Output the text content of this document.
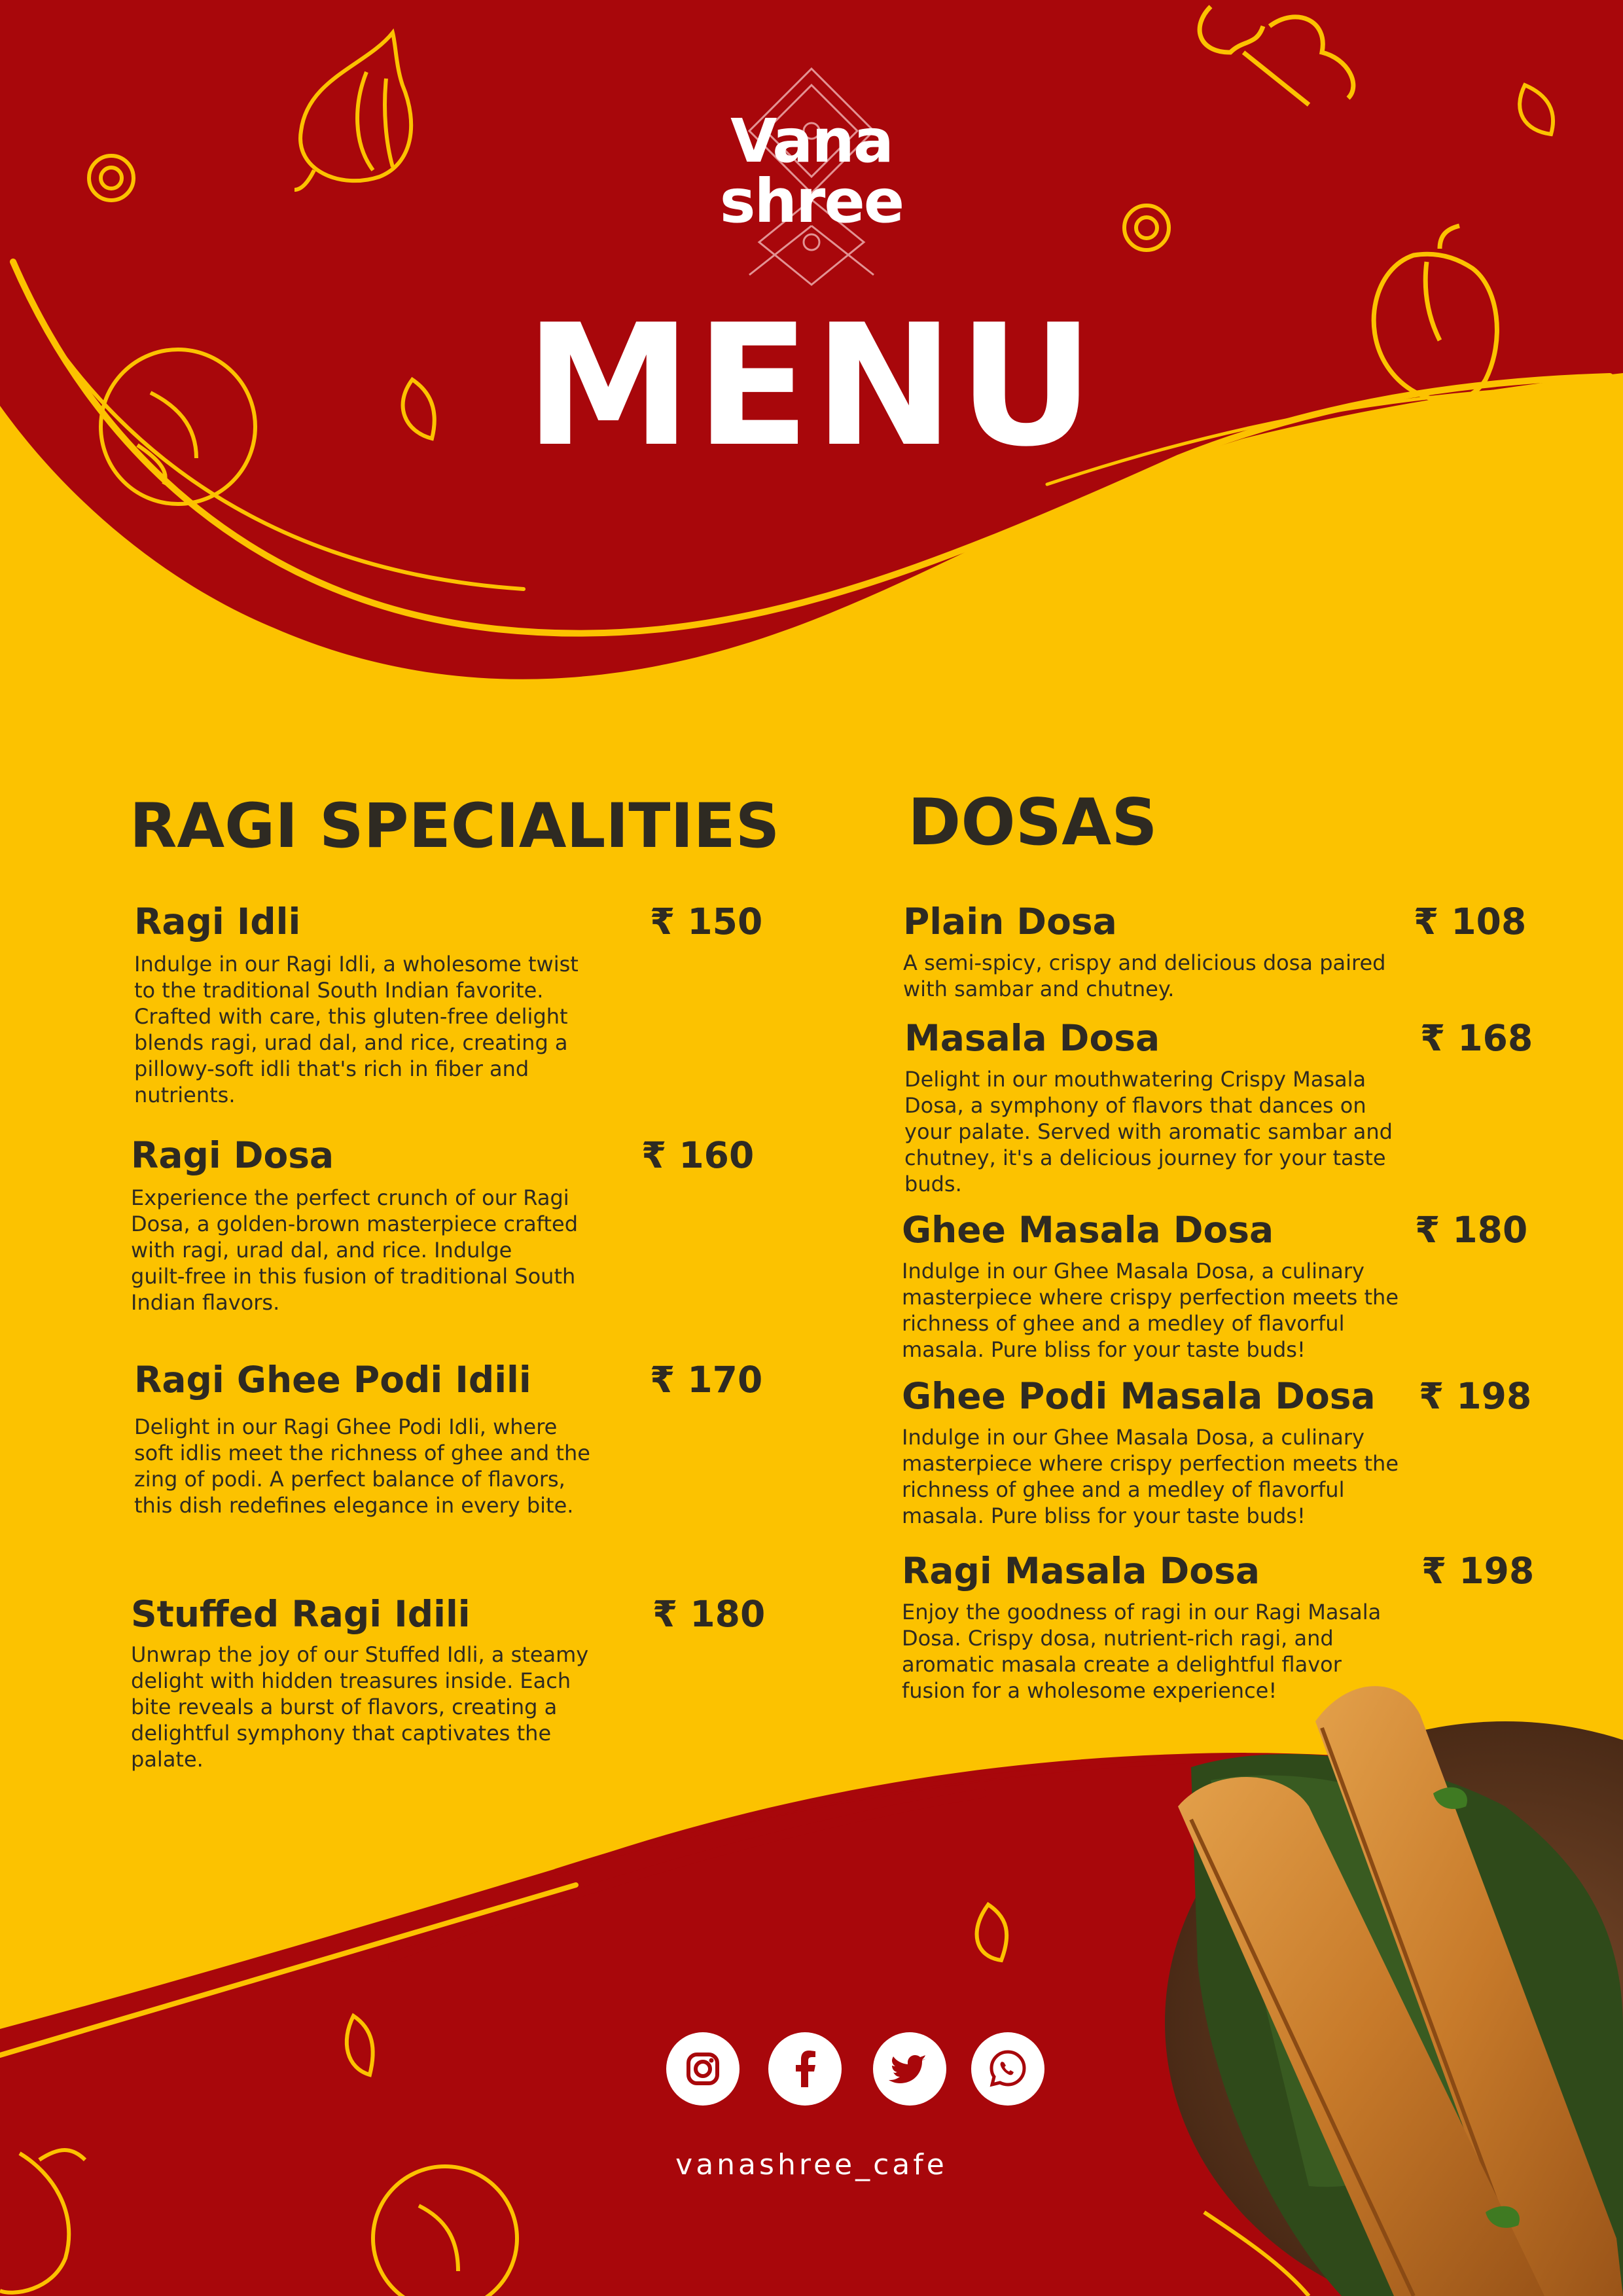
Vana
shree
MENU
RAGI SPECIALITIES
Ragi Idli	₹ 150
Indulge in our Ragi Idli, a wholesome twist
to the traditional South Indian favorite.
Crafted with care, this gluten-free delight
blends ragi, urad dal, and rice, creating a
pillowy-soft idli that's rich in fiber and
nutrients.
Ragi Dosa	₹ 160
Experience the perfect crunch of our Ragi
Dosa, a golden-brown masterpiece crafted
with ragi, urad dal, and rice. Indulge
guilt-free in this fusion of traditional South
Indian flavors.
Ragi Ghee Podi Idili	₹ 170
Delight in our Ragi Ghee Podi Idli, where
soft idlis meet the richness of ghee and the
zing of podi. A perfect balance of flavors,
this dish redefines elegance in every bite.
Stuffed Ragi Idili	₹ 180
Unwrap the joy of our Stuffed Idli, a steamy
delight with hidden treasures inside. Each
bite reveals a burst of flavors, creating a
delightful symphony that captivates the
palate.
DOSAS
Plain Dosa	₹ 108
A semi-spicy, crispy and delicious dosa paired
with sambar and chutney.
Masala Dosa	₹ 168
Delight in our mouthwatering Crispy Masala
Dosa, a symphony of flavors that dances on
your palate. Served with aromatic sambar and
chutney, it's a delicious journey for your taste
buds.
Ghee Masala Dosa	₹ 180
Indulge in our Ghee Masala Dosa, a culinary
masterpiece where crispy perfection meets the
richness of ghee and a medley of flavorful
masala. Pure bliss for your taste buds!
Ghee Podi Masala Dosa ₹ 198
Indulge in our Ghee Masala Dosa, a culinary
masterpiece where crispy perfection meets the
richness of ghee and a medley of flavorful
masala. Pure bliss for your taste buds!
Ragi Masala Dosa	₹ 198
Enjoy the goodness of ragi in our Ragi Masala
Dosa. Crispy dosa, nutrient-rich ragi, and
aromatic masala create a delightful flavor
fusion for a wholesome experience!
vanashree_cafe
